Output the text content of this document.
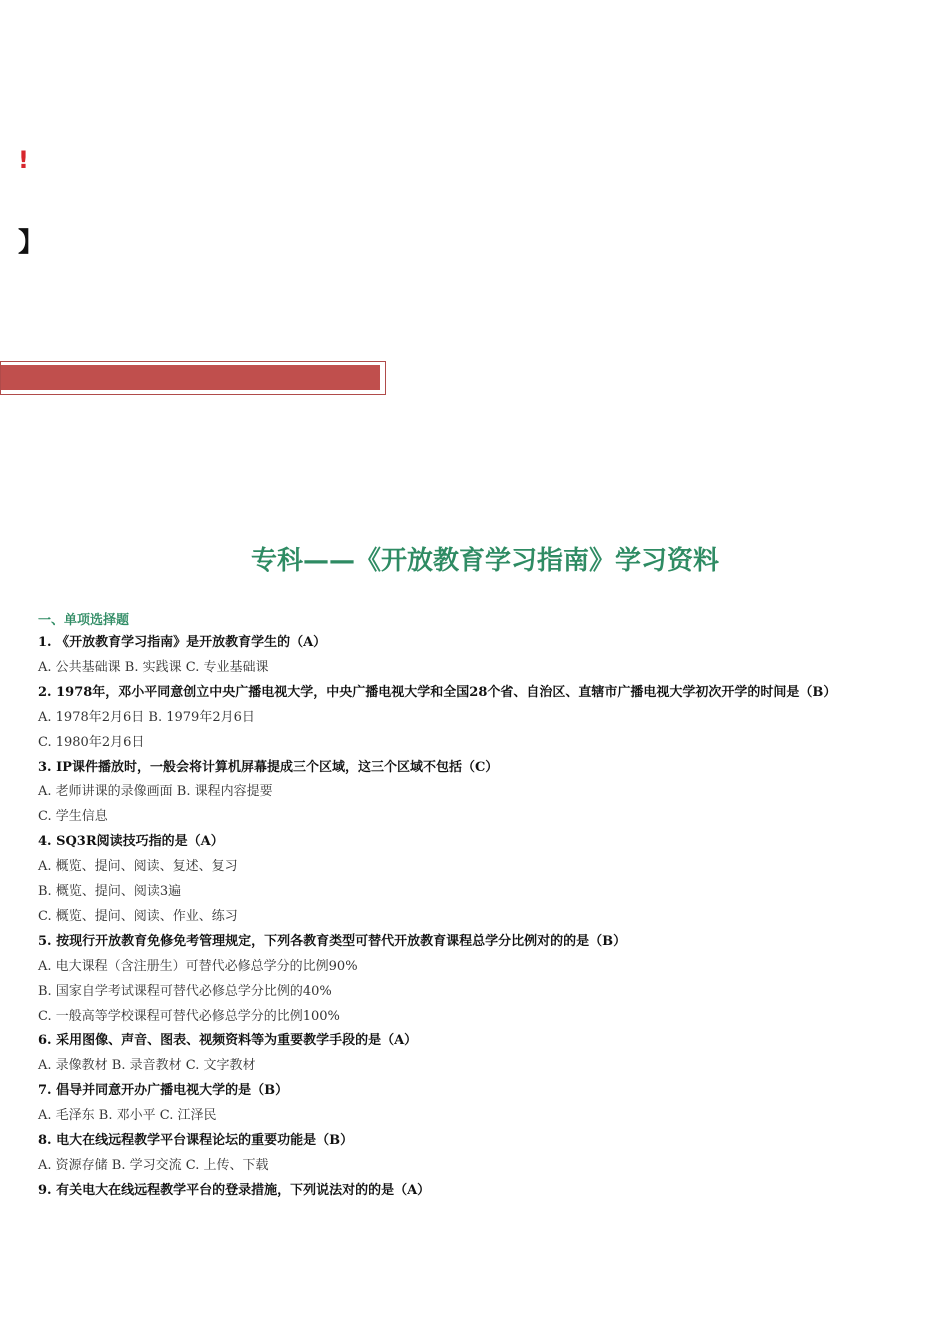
!
】
专科——《开放教育学习指南》学习资料
一、单项选择题
1. 《开放教育学习指南》是开放教育学生的（A）
A. 公共基础课 B. 实践课 C. 专业基础课
2. 1978年，邓小平同意创立中央广播电视大学，中央广播电视大学和全国28个省、自治区、直辖市广播电视大学初次开学的时间是（B）
A. 1978年2月6日 B. 1979年2月6日
C. 1980年2月6日
3. IP课件播放时，一般会将计算机屏幕提成三个区域，这三个区域不包括（C）
A. 老师讲课的录像画面 B. 课程内容提要
C. 学生信息
4. SQ3R阅读技巧指的是（A）
A. 概览、提问、阅读、复述、复习
B. 概览、提问、阅读3遍
C. 概览、提问、阅读、作业、练习
5. 按现行开放教育免修免考管理规定，下列各教育类型可替代开放教育课程总学分比例对的的是（B）
A. 电大课程（含注册生）可替代必修总学分的比例90%
B. 国家自学考试课程可替代必修总学分比例的40%
C. 一般高等学校课程可替代必修总学分的比例100%
6. 采用图像、声音、图表、视频资料等为重要教学手段的是（A）
A. 录像教材 B. 录音教材 C. 文字教材
7. 倡导并同意开办广播电视大学的是（B）
A. 毛泽东 B. 邓小平 C. 江泽民
8. 电大在线远程教学平台课程论坛的重要功能是（B）
A. 资源存储 B. 学习交流 C. 上传、下载
9. 有关电大在线远程教学平台的登录措施，下列说法对的的是（A）
